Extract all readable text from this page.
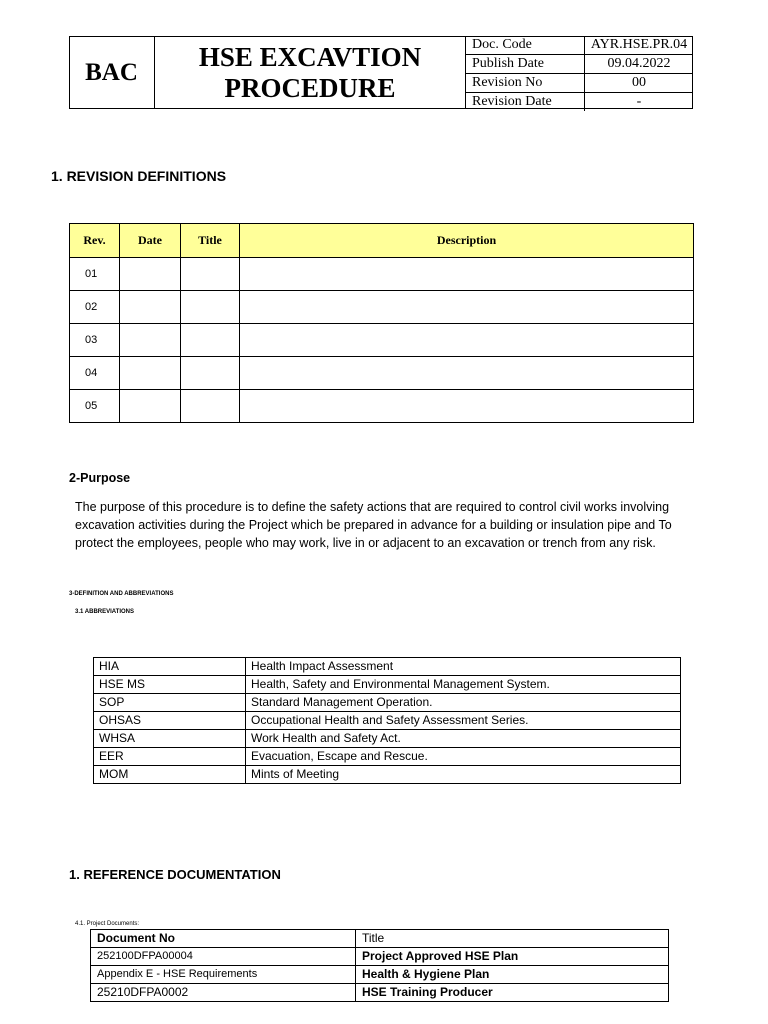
BAC
HSE EXCAVTION
PROCEDURE
Doc. Code	AYR.HSE.PR.04
Publish Date	09.04.2022
Revision No	00
Revision Date	-
1. REVISION DEFINITIONS
Rev.	Date	Title	Description
01			
02			
03			
04			
05			
2-Purpose
The purpose of this procedure is to define the safety actions that are required to control civil works involving excavation activities during the Project which be prepared in advance for a building or insulation pipe and To protect the employees, people who may work, live in or adjacent to an excavation or trench from any risk.
3-DEFINITION AND ABBREVIATIONS
3.1 ABBREVIATIONS
HIA	Health Impact Assessment
HSE MS	Health, Safety and Environmental Management System.
SOP	Standard Management Operation.
OHSAS	Occupational Health and Safety Assessment Series.
WHSA	Work Health and Safety Act.
EER	Evacuation, Escape and Rescue.
MOM	Mints of Meeting
1. REFERENCE DOCUMENTATION
4.1. Project Documents:
Document No	Title
252100DFPA00004	Project Approved HSE Plan
Appendix E - HSE Requirements	Health & Hygiene Plan
25210DFPA0002	HSE Training Producer
